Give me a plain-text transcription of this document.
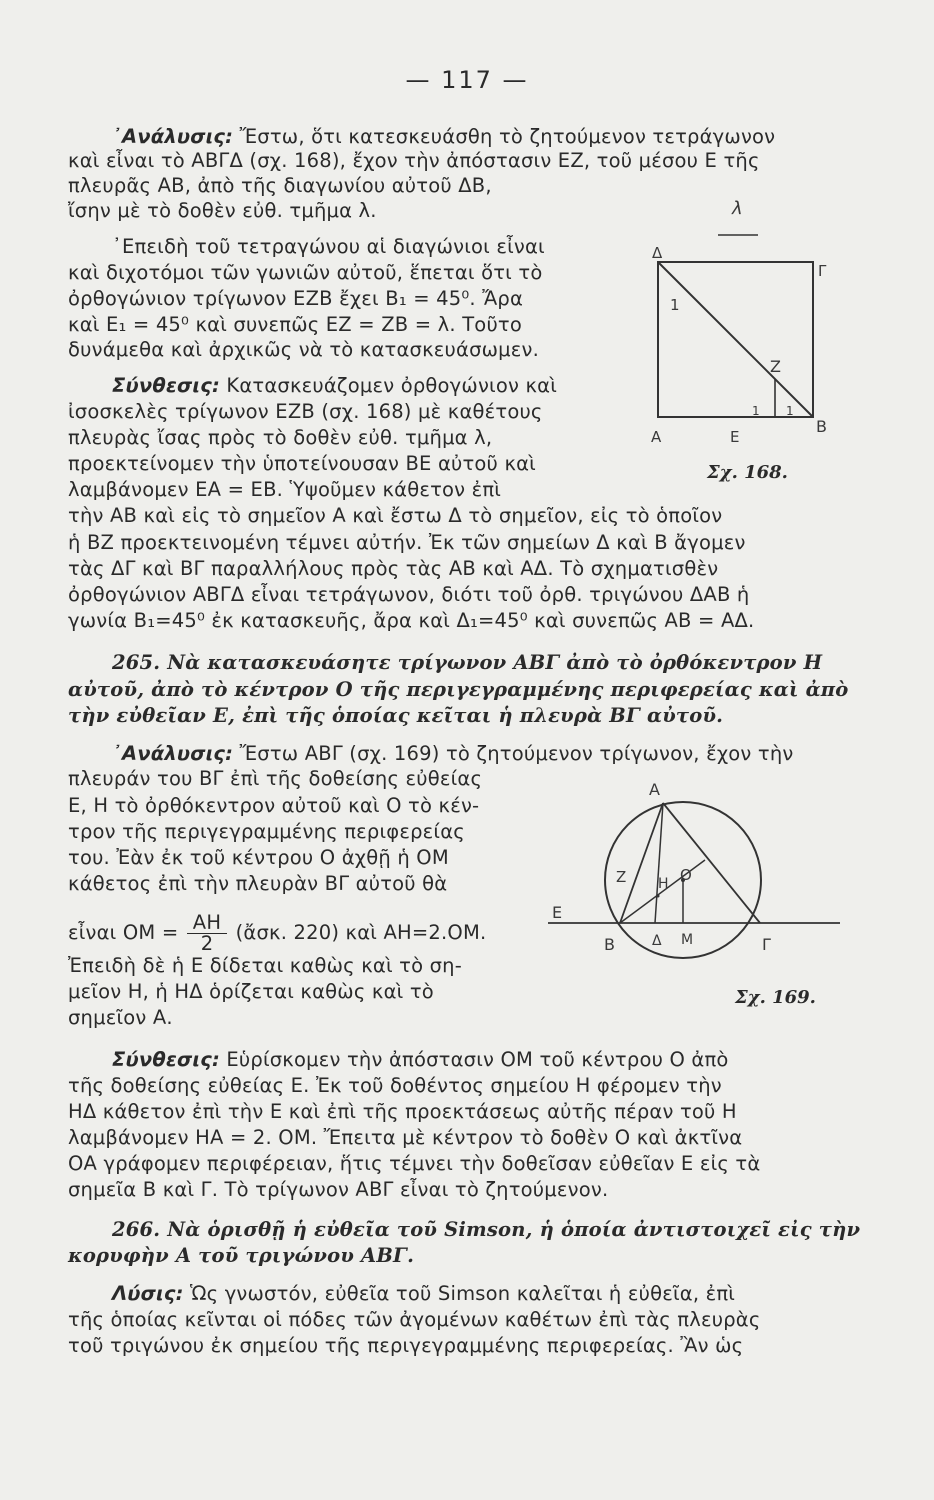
— 117 —
᾿Ανάλυσις: Ἔστω, ὅτι κατεσκευάσθη τὸ ζητούμενον τετράγωνον
καὶ εἶναι τὸ ΑΒΓΔ (σχ. 168), ἔχον τὴν ἀπόστασιν ΕΖ, τοῦ μέσου Ε τῆς
πλευρᾶς ΑΒ, ἀπὸ τῆς διαγωνίου αὐτοῦ ΔΒ,
ἴσην μὲ τὸ δοθὲν εὐθ. τμῆμα λ.
᾿Επειδὴ τοῦ τετραγώνου αἱ διαγώνιοι εἶναι
καὶ διχοτόμοι τῶν γωνιῶν αὐτοῦ, ἕπεται ὅτι τὸ
ὀρθογώνιον τρίγωνον ΕΖΒ ἔχει Β₁ = 45⁰. Ἄρα
καὶ Ε₁ = 45⁰ καὶ συνεπῶς ΕΖ = ΖΒ = λ. Τοῦτο
δυνάμεθα καὶ ἀρχικῶς νὰ τὸ κατασκευάσωμεν.
Σύνθεσις: Κατασκευάζομεν ὀρθογώνιον καὶ
ἰσοσκελὲς τρίγωνον ΕΖΒ (σχ. 168) μὲ καθέτους
πλευρὰς ἴσας πρὸς τὸ δοθὲν εὐθ. τμῆμα λ,
προεκτείνομεν τὴν ὑποτείνουσαν ΒΕ αὐτοῦ καὶ
λαμβάνομεν ΕΑ = ΕΒ. Ὑψοῦμεν κάθετον ἐπὶ
τὴν ΑΒ καὶ εἰς τὸ σημεῖον Α καὶ ἔστω Δ τὸ σημεῖον, εἰς τὸ ὁποῖον
ἡ ΒΖ προεκτεινομένη τέμνει αὐτήν. Ἐκ τῶν σημείων Δ καὶ Β ἄγομεν
τὰς ΔΓ καὶ ΒΓ παραλλήλους πρὸς τὰς ΑΒ καὶ ΑΔ. Τὸ σχηματισθὲν
ὀρθογώνιον ΑΒΓΔ εἶναι τετράγωνον, διότι τοῦ ὀρθ. τριγώνου ΔΑΒ ἡ
γωνία Β₁=45⁰ ἐκ κατασκευῆς, ἄρα καὶ Δ₁=45⁰ καὶ συνεπῶς ΑΒ = ΑΔ.
265. Νὰ κατασκευάσητε τρίγωνον ΑΒΓ ἀπὸ τὸ ὀρθόκεντρον Η
αὐτοῦ, ἀπὸ τὸ κέντρον Ο τῆς περιγεγραμμένης περιφερείας καὶ ἀπὸ
τὴν εὐθεῖαν Ε, ἐπὶ τῆς ὁποίας κεῖται ἡ πλευρὰ ΒΓ αὐτοῦ.
᾿Ανάλυσις: Ἔστω ΑΒΓ (σχ. 169) τὸ ζητούμενον τρίγωνον, ἔχον τὴν
πλευράν του ΒΓ ἐπὶ τῆς δοθείσης εὐθείας
Ε, Η τὸ ὀρθόκεντρον αὐτοῦ καὶ Ο τὸ κέν-
τρον τῆς περιγεγραμμένης περιφερείας
του. Ἐὰν ἐκ τοῦ κέντρου Ο ἀχθῇ ἡ ΟΜ
κάθετος ἐπὶ τὴν πλευρὰν ΒΓ αὐτοῦ θὰ
εἶναι $OM = \frac{AH}{2}$ (ἄσκ. 220) καὶ ΑΗ=2.ΟΜ.
Ἐπειδὴ δὲ ἡ Ε δίδεται καθὼς καὶ τὸ ση-
μεῖον Η, ἡ ΗΔ ὁρίζεται καθὼς καὶ τὸ
σημεῖον Α.
Σύνθεσις: Εὑρίσκομεν τὴν ἀπόστασιν ΟΜ τοῦ κέντρου Ο ἀπὸ
τῆς δοθείσης εὐθείας Ε. Ἐκ τοῦ δοθέντος σημείου Η φέρομεν τὴν
ΗΔ κάθετον ἐπὶ τὴν Ε καὶ ἐπὶ τῆς προεκτάσεως αὐτῆς πέραν τοῦ Η
λαμβάνομεν ΗΑ = 2. ΟΜ. Ἔπειτα μὲ κέντρον τὸ δοθὲν Ο καὶ ἀκτῖνα
ΟΑ γράφομεν περιφέρειαν, ἥτις τέμνει τὴν δοθεῖσαν εὐθεῖαν Ε εἰς τὰ
σημεῖα Β καὶ Γ. Τὸ τρίγωνον ΑΒΓ εἶναι τὸ ζητούμενον.
266. Νὰ ὁρισθῇ ἡ εὐθεῖα τοῦ Simson, ἡ ὁποία ἀντιστοιχεῖ εἰς τὴν
κορυφὴν Α τοῦ τριγώνου ΑΒΓ.
Λύσις: Ὡς γνωστόν, εὐθεῖα τοῦ Simson καλεῖται ἡ εὐθεῖα, ἐπὶ
τῆς ὁποίας κεῖνται οἱ πόδες τῶν ἀγομένων καθέτων ἐπὶ τὰς πλευρὰς
τοῦ τριγώνου ἐκ σημείου τῆς περιγεγραμμένης περιφερείας. Ἂν ὡς
λ
Δ
Γ
1
Ζ
1 1
Β
Α	Ε
Σχ. 168.
Α
Ζ Η Ο
Ε
Β	Δ Μ	Γ
Σχ. 169.
